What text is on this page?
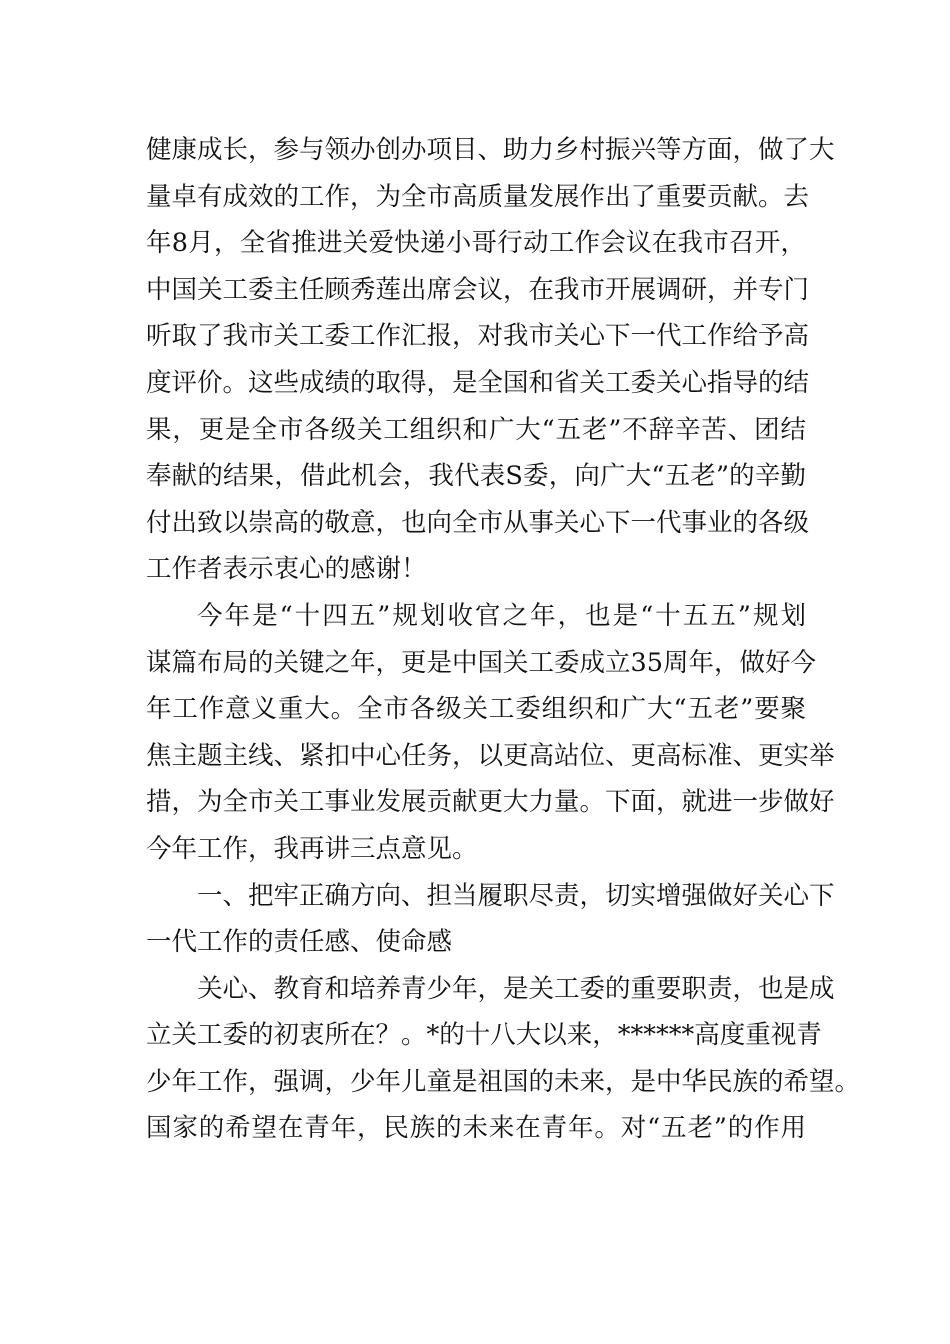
健康成长，参与领办创办项目、助力乡村振兴等方面，做了大
量卓有成效的工作，为全市高质量发展作出了重要贡献。去
年8月，全省推进关爱快递小哥行动工作会议在我市召开，
中国关工委主任顾秀莲出席会议，在我市开展调研，并专门
听取了我市关工委工作汇报，对我市关心下一代工作给予高
度评价。这些成绩的取得，是全国和省关工委关心指导的结
果，更是全市各级关工组织和广大“五老”不辞辛苦、团结
奉献的结果，借此机会，我代表S委，向广大“五老”的辛勤
付出致以崇高的敬意，也向全市从事关心下一代事业的各级
工作者表示衷心的感谢！
今年是“十四五”规划收官之年，也是“十五五”规划
谋篇布局的关键之年，更是中国关工委成立35周年，做好今
年工作意义重大。全市各级关工委组织和广大“五老”要聚
焦主题主线、紧扣中心任务，以更高站位、更高标准、更实举
措，为全市关工事业发展贡献更大力量。下面，就进一步做好
今年工作，我再讲三点意见。
一、把牢正确方向、担当履职尽责，切实增强做好关心下
一代工作的责任感、使命感
关心、教育和培养青少年，是关工委的重要职责，也是成
立关工委的初衷所在？。*的十八大以来，******高度重视青
少年工作，强调，少年儿童是祖国的未来，是中华民族的希望。
国家的希望在青年，民族的未来在青年。对“五老”的作用
